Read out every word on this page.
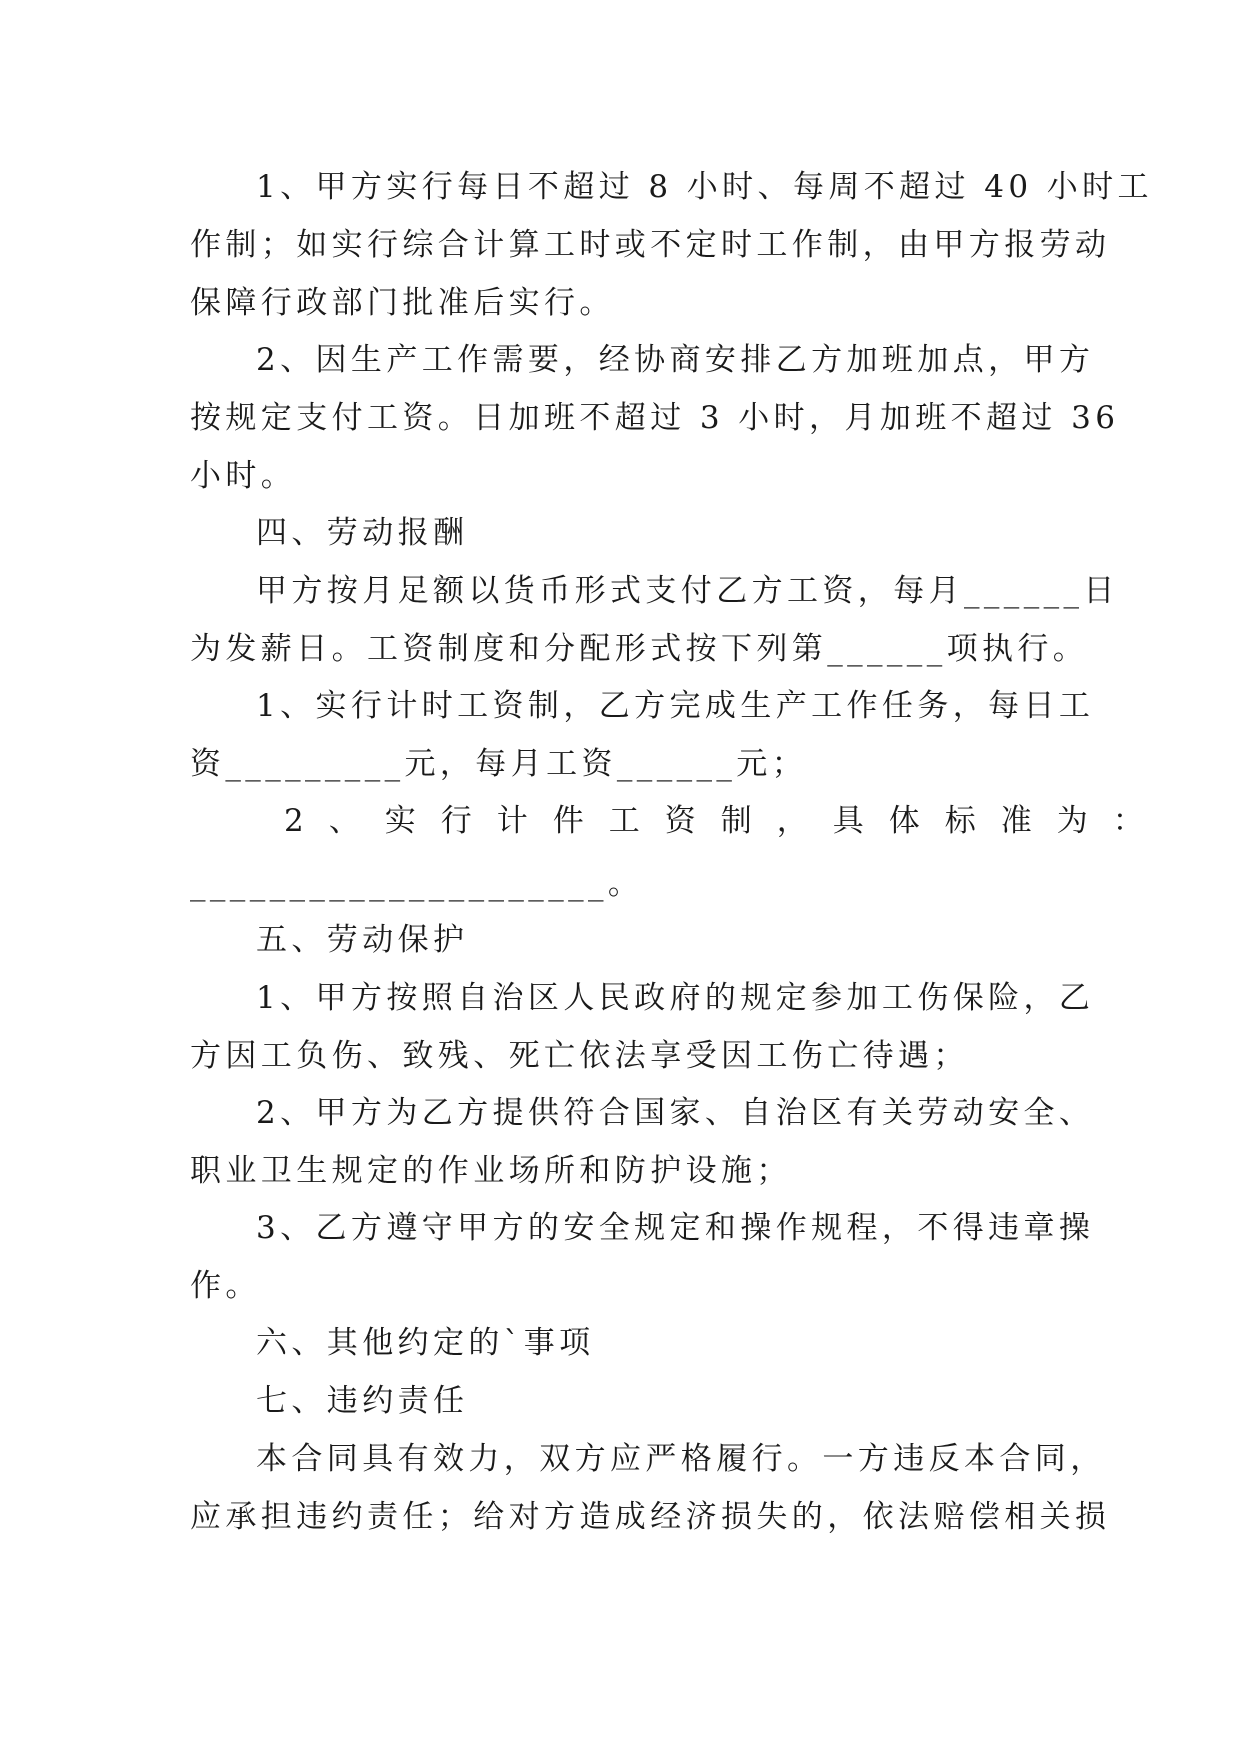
1、甲方实行每日不超过 8 小时、每周不超过 40 小时工
作制；如实行综合计算工时或不定时工作制，由甲方报劳动
保障行政部门批准后实行。
2、因生产工作需要，经协商安排乙方加班加点，甲方
按规定支付工资。日加班不超过 3 小时，月加班不超过 36
小时。
四、劳动报酬
甲方按月足额以货币形式支付乙方工资，每月______日
为发薪日。工资制度和分配形式按下列第______项执行。
1、实行计时工资制，乙方完成生产工作任务，每日工
资_________元，每月工资______元；
2、实行计件工资制，具体标准为：
_____________________。
五、劳动保护
1、甲方按照自治区人民政府的规定参加工伤保险，乙
方因工负伤、致残、死亡依法享受因工伤亡待遇；
2、甲方为乙方提供符合国家、自治区有关劳动安全、
职业卫生规定的作业场所和防护设施；
3、乙方遵守甲方的安全规定和操作规程，不得违章操
作。
六、其他约定的`事项
七、违约责任
本合同具有效力，双方应严格履行。一方违反本合同，
应承担违约责任；给对方造成经济损失的，依法赔偿相关损
